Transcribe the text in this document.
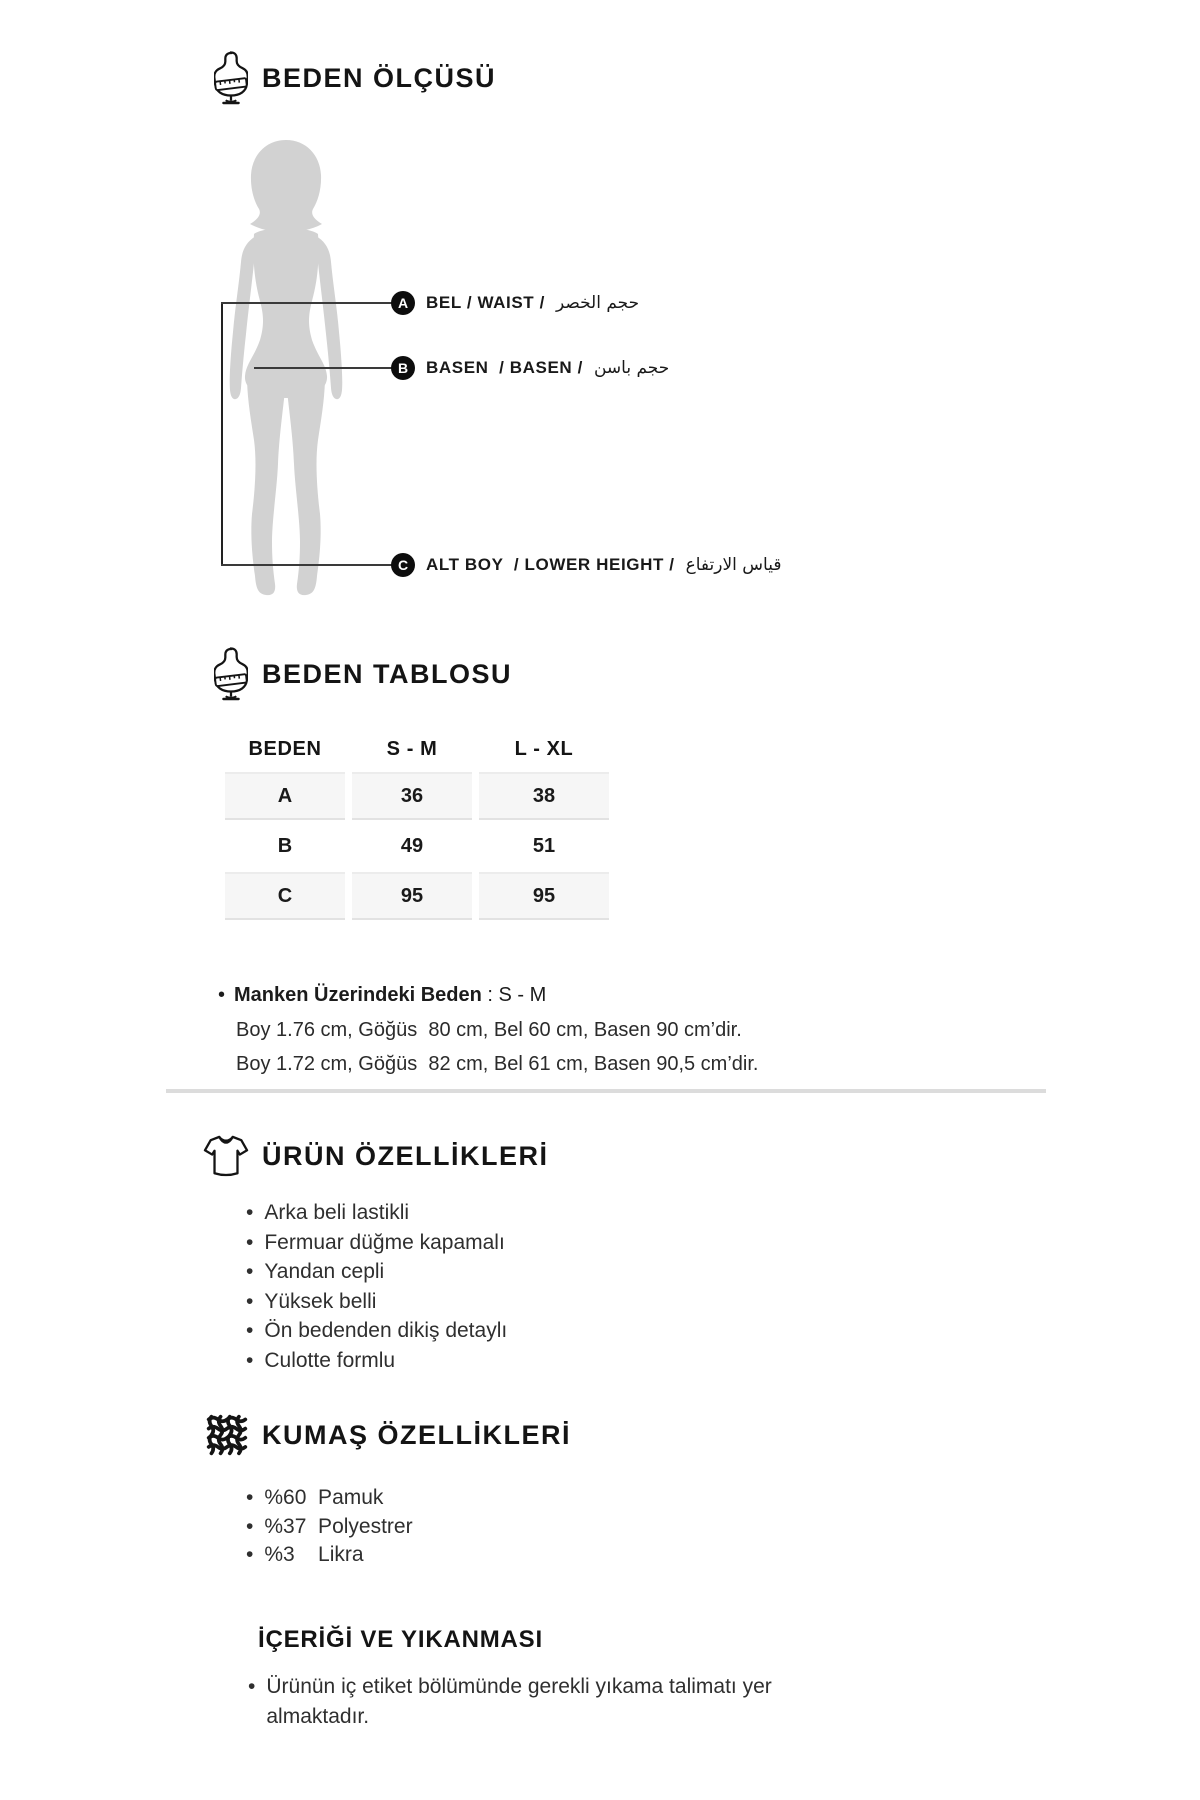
BEDEN ÖLÇÜSÜ
A	BEL / WAIST / حجم الخصر
B	BASEN  / BASEN / حجم باسن
C	ALT BOY  / LOWER HEIGHT / قياس الارتفاع
BEDEN TABLOSU
BEDEN	S - M	L - XL
A	36	38
B	49	51
C	95	95
• Manken Üzerindeki Beden : S - M
Boy 1.76 cm, Göğüs  80 cm, Bel 60 cm, Basen 90 cm’dir.
Boy 1.72 cm, Göğüs  82 cm, Bel 61 cm, Basen 90,5 cm’dir.
ÜRÜN ÖZELLİKLERİ
• Arka beli lastikli
• Fermuar düğme kapamalı
• Yandan cepli
• Yüksek belli
• Ön bedenden dikiş detaylı
• Culotte formlu
KUMAŞ ÖZELLİKLERİ
• %60  Pamuk
• %37  Polyestrer
• %3    Likra
İÇERİĞİ VE YIKANMASI
• Ürünün iç etiket bölümünde gerekli yıkama talimatı yer almaktadır.
